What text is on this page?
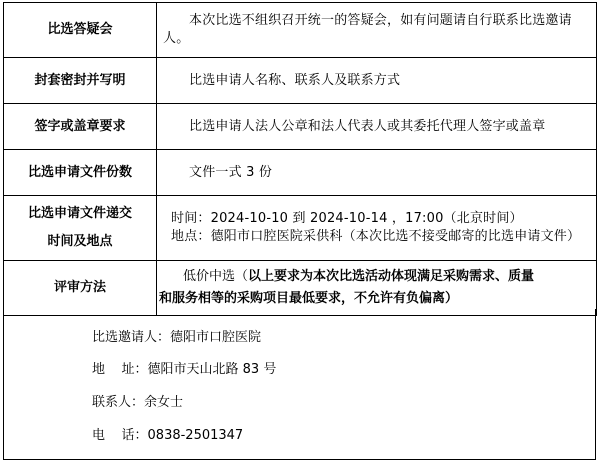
比选答疑会	本次比选不组织召开统一的答疑会，如有问题请自行联系比选邀请人。
封套密封并写明	比选申请人名称、联系人及联系方式
签字或盖章要求	比选申请人法人公章和法人代表人或其委托代理人签字或盖章
比选申请文件份数	文件一式 3 份

比选申请文件递交
时间及地点	时间：2024-10-10 到 2024-10-14 ，17:00（北京时间）
地点：德阳市口腔医院采供科（本次比选不接受邮寄的比选申请文件）

评审方法	低价中选（以上要求为本次比选活动体现满足采购需求、质量
和服务相等的采购项目最低要求，不允许有负偏离）
比选邀请人：德阳市口腔医院
地    址：德阳市天山北路 83 号
联系人：余女士
电    话：0838-2501347
